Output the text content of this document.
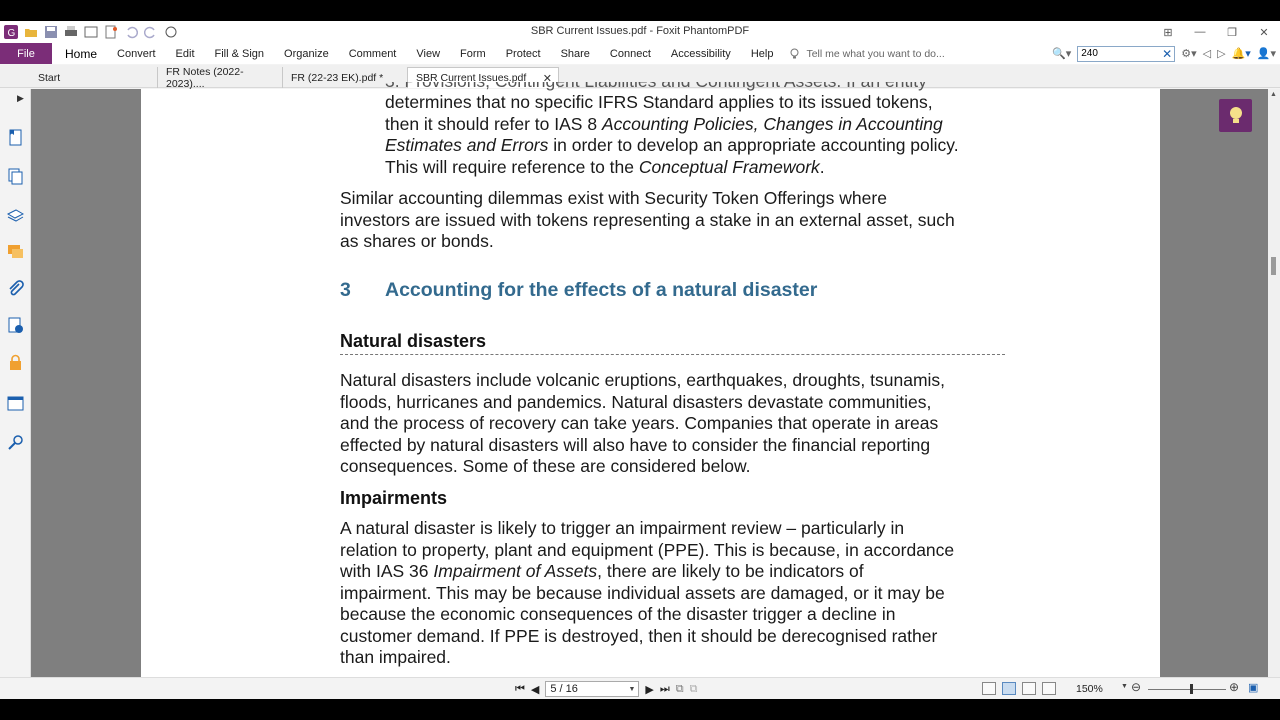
G	SBR Current Issues.pdf - Foxit PhantomPDF	⊞	—	❐	✕
File	Home	Convert	Edit	Fill & Sign	Organize	Comment	View	Form	Protect	Share	Connect	Accessibility	Help	Tell me what you want to do...	🔍▾ 240	✕ ⚙▾ ◁ ▷ 🔔▾ 👤▾
Start	FR Notes (2022-2023)....	FR (22-23 EK).pdf *	SBR Current Issues.pdf ✕
▶	▲
determines that no specific IFRS Standard applies to its issued tokens,
then it should refer to IAS 8 Accounting Policies, Changes in Accounting
Estimates and Errors in order to develop an appropriate accounting policy.
This will require reference to the Conceptual Framework.
Similar accounting dilemmas exist with Security Token Offerings where
investors are issued with tokens representing a stake in an external asset, such
as shares or bonds.
3 Accounting for the effects of a natural disaster
Natural disasters
Natural disasters include volcanic eruptions, earthquakes, droughts, tsunamis,
floods, hurricanes and pandemics. Natural disasters devastate communities,
and the process of recovery can take years. Companies that operate in areas
effected by natural disasters will also have to consider the financial reporting
consequences. Some of these are considered below.
Impairments
A natural disaster is likely to trigger an impairment review – particularly in
relation to property, plant and equipment (PPE). This is because, in accordance
with IAS 36 Impairment of Assets, there are likely to be indicators of
impairment. This may be because individual assets are damaged, or it may be
because the economic consequences of the disaster trigger a decline in
customer demand. If PPE is destroyed, then it should be derecognised rather
than impaired.
⏮ ◀ 5 / 16	▼ ▶ ⏭ ⧉ ⧉	150%	▼ ⊖	⊕ ▣
